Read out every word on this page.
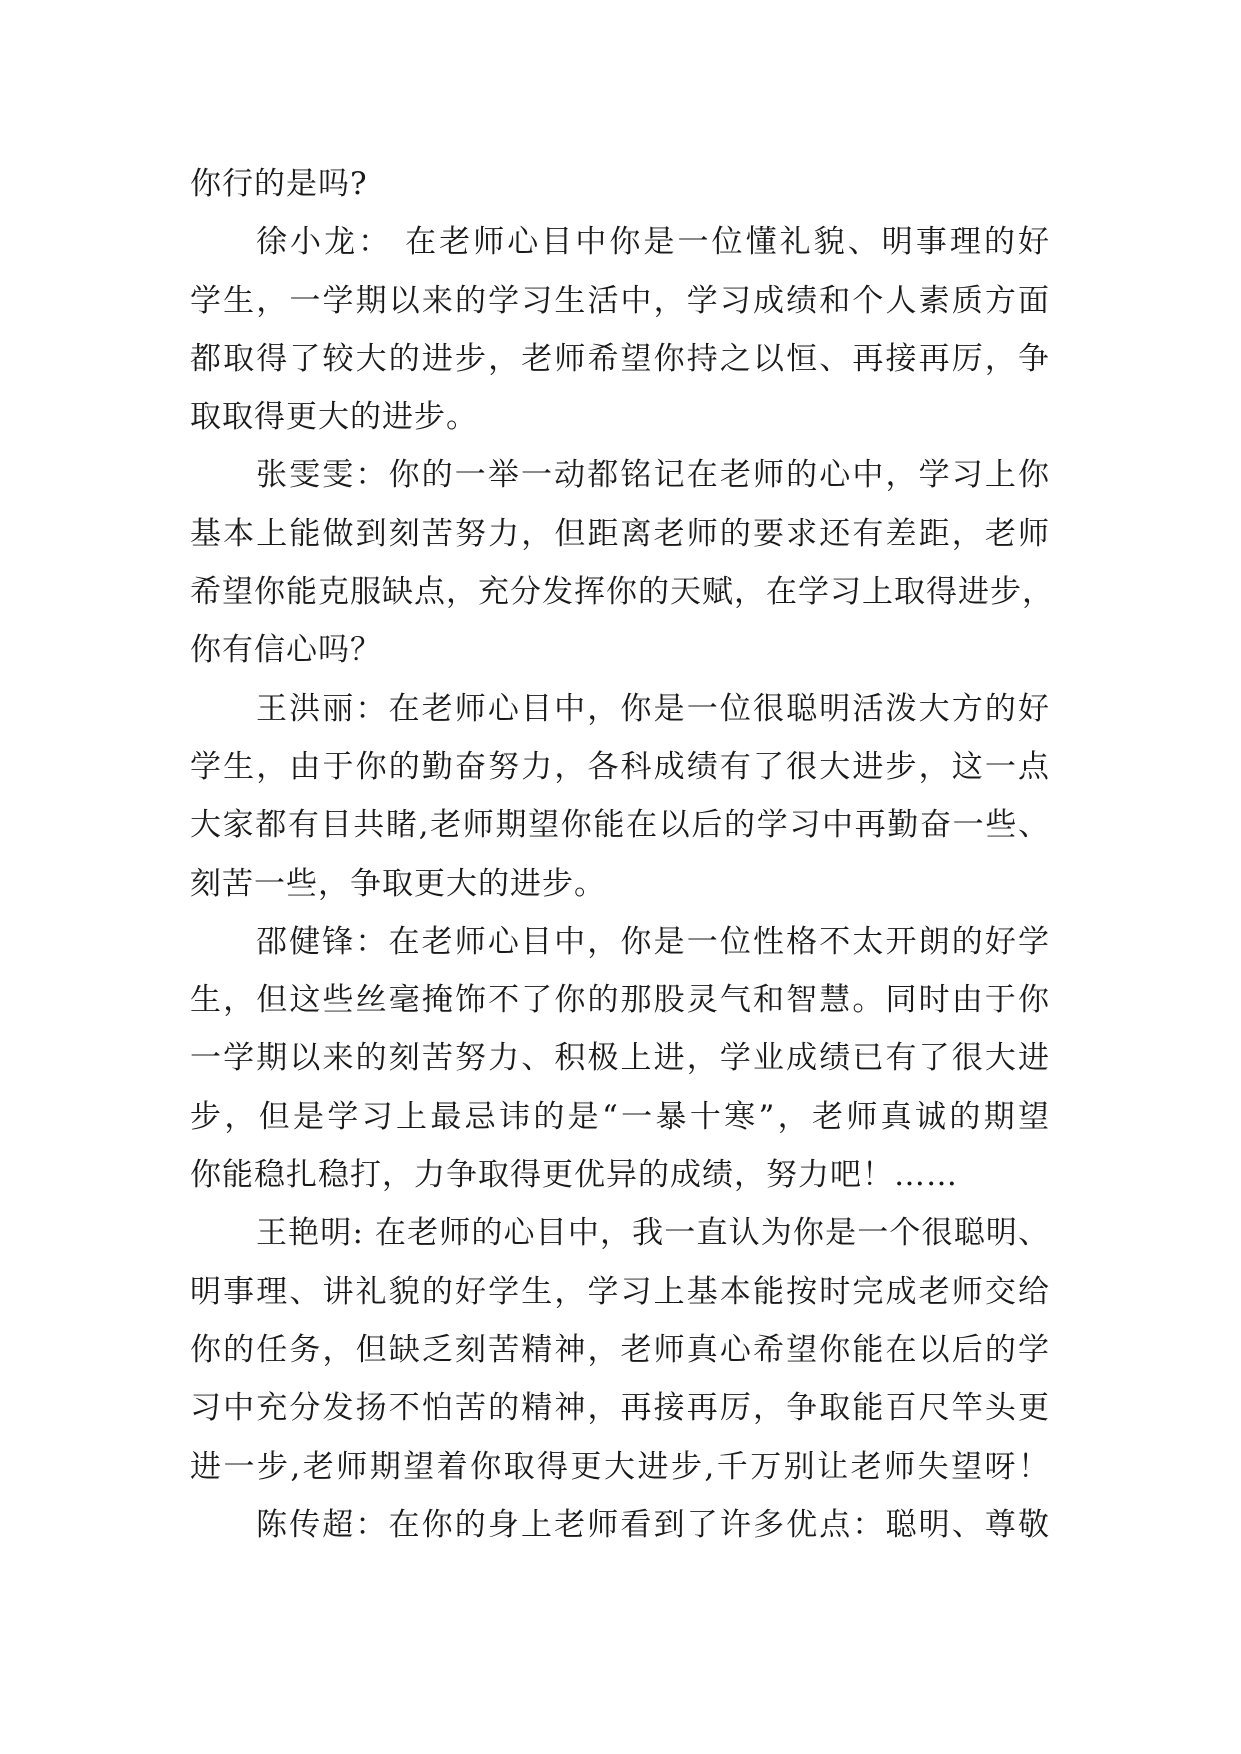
你行的是吗?
徐小龙： 在老师心目中你是一位懂礼貌、明事理的好
学生，一学期以来的学习生活中，学习成绩和个人素质方面
都取得了较大的进步，老师希望你持之以恒、再接再厉，争
取取得更大的进步。
张雯雯：你的一举一动都铭记在老师的心中，学习上你
基本上能做到刻苦努力，但距离老师的要求还有差距，老师
希望你能克服缺点，充分发挥你的天赋，在学习上取得进步，
你有信心吗？
王洪丽：在老师心目中，你是一位很聪明活泼大方的好
学生，由于你的勤奋努力，各科成绩有了很大进步，这一点
大家都有目共睹,老师期望你能在以后的学习中再勤奋一些、
刻苦一些，争取更大的进步。
邵健锋：在老师心目中，你是一位性格不太开朗的好学
生，但这些丝毫掩饰不了你的那股灵气和智慧。同时由于你
一学期以来的刻苦努力、积极上进，学业成绩已有了很大进
步，但是学习上最忌讳的是“一暴十寒”，老师真诚的期望
你能稳扎稳打，力争取得更优异的成绩，努力吧！……
王艳明: 在老师的心目中，我一直认为你是一个很聪明、
明事理、讲礼貌的好学生，学习上基本能按时完成老师交给
你的任务，但缺乏刻苦精神，老师真心希望你能在以后的学
习中充分发扬不怕苦的精神，再接再厉，争取能百尺竿头更
进一步,老师期望着你取得更大进步,千万别让老师失望呀！
陈传超：在你的身上老师看到了许多优点：聪明、尊敬
